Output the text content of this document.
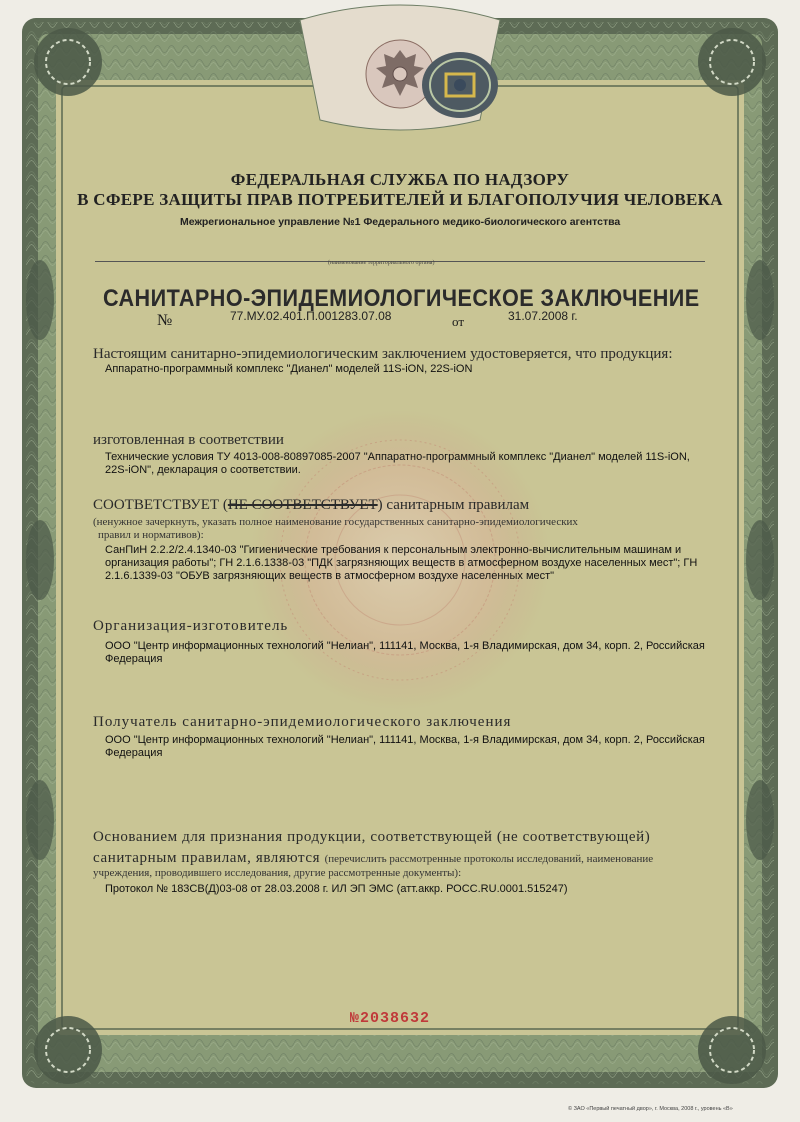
ФЕДЕРАЛЬНАЯ СЛУЖБА ПО НАДЗОРУ
В СФЕРЕ ЗАЩИТЫ ПРАВ ПОТРЕБИТЕЛЕЙ И БЛАГОПОЛУЧИЯ ЧЕЛОВЕКА
Межрегиональное управление №1 Федерального медико-биологического агентства
(наименование территориального органа)
САНИТАРНО-ЭПИДЕМИОЛОГИЧЕСКОЕ ЗАКЛЮЧЕНИЕ
№	77.МУ.02.401.П.001283.07.08	от	31.07.2008 г.
Настоящим санитарно-эпидемиологическим заключением удостоверяется, что продукция:
Аппаратно-программный комплекс "Дианел" моделей 11S-iON, 22S-iON
изготовленная в соответствии
Технические условия ТУ 4013-008-80897085-2007 "Аппаратно-программный комплекс "Дианел" моделей 11S-iON, 22S-iON", декларация о соответствии.
СООТВЕТСТВУЕТ (НЕ СООТВЕТСТВУЕТ) санитарным правилам
(ненужное зачеркнуть, указать полное наименование государственных санитарно-эпидемиологических
правил и нормативов):
СанПиН 2.2.2/2.4.1340-03 "Гигиенические требования к персональным электронно-вычислительным машинам и организация работы"; ГН 2.1.6.1338-03 "ПДК загрязняющих веществ в атмосферном воздухе населенных мест"; ГН 2.1.6.1339-03 "ОБУВ загрязняющих веществ в атмосферном воздухе населенных мест"
Организация-изготовитель
ООО "Центр информационных технологий "Нелиан", 111141, Москва, 1-я Владимирская, дом 34, корп. 2, Российская Федерация
Получатель санитарно-эпидемиологического заключения
ООО "Центр информационных технологий "Нелиан", 111141, Москва, 1-я Владимирская, дом 34, корп. 2, Российская Федерация
Основанием для признания продукции, соответствующей (не соответствующей)
санитарным правилам, являются (перечислить рассмотренные протоколы исследований, наименование
учреждения, проводившего исследования, другие рассмотренные документы):
Протокол № 183СВ(Д)03-08 от 28.03.2008 г. ИЛ ЭП ЭМС (атт.аккр. РОСС.RU.0001.515247)
№2038632
© ЗАО «Первый печатный двор», г. Москва, 2008 г., уровень «В»
